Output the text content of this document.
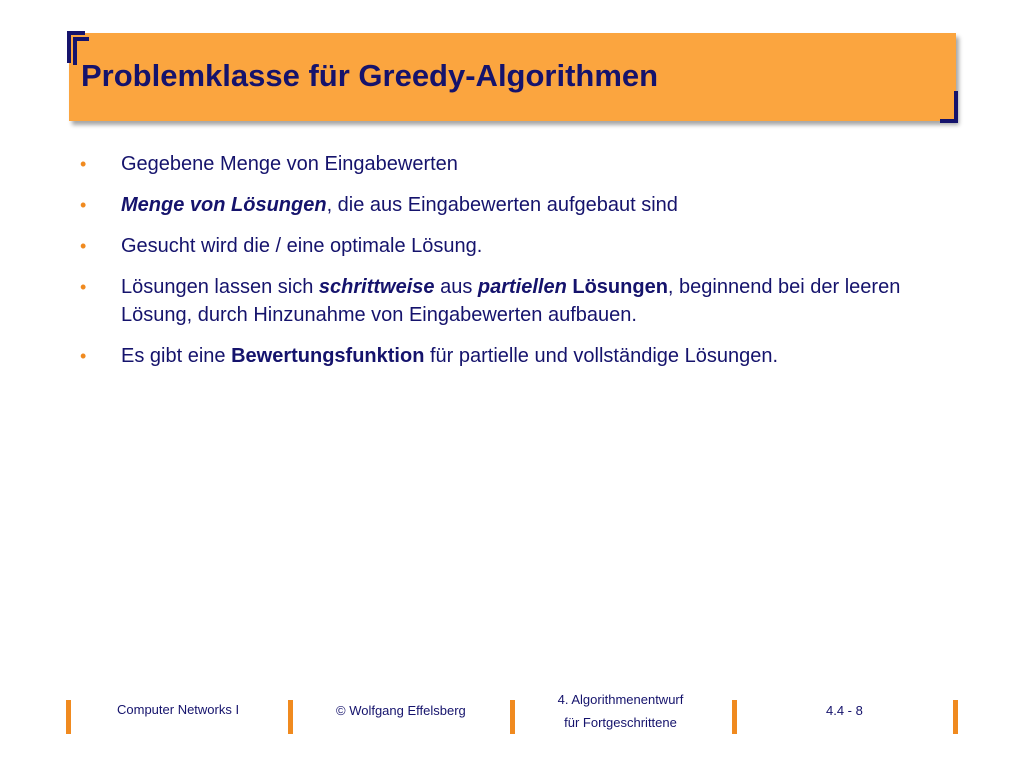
Problemklasse für Greedy-Algorithmen
• Gegebene Menge von Eingabewerten
• Menge von Lösungen, die aus Eingabewerten aufgebaut sind
• Gesucht wird die / eine optimale Lösung.
• Lösungen lassen sich schrittweise aus partiellen Lösungen, beginnend bei der leeren Lösung, durch Hinzunahme von Eingabewerten aufbauen.
• Es gibt eine Bewertungsfunktion für partielle und vollständige Lösungen.
Computer Networks I	© Wolfgang Effelsberg
4. Algorithmenentwurf
für Fortgeschrittene
4.4 - 8
